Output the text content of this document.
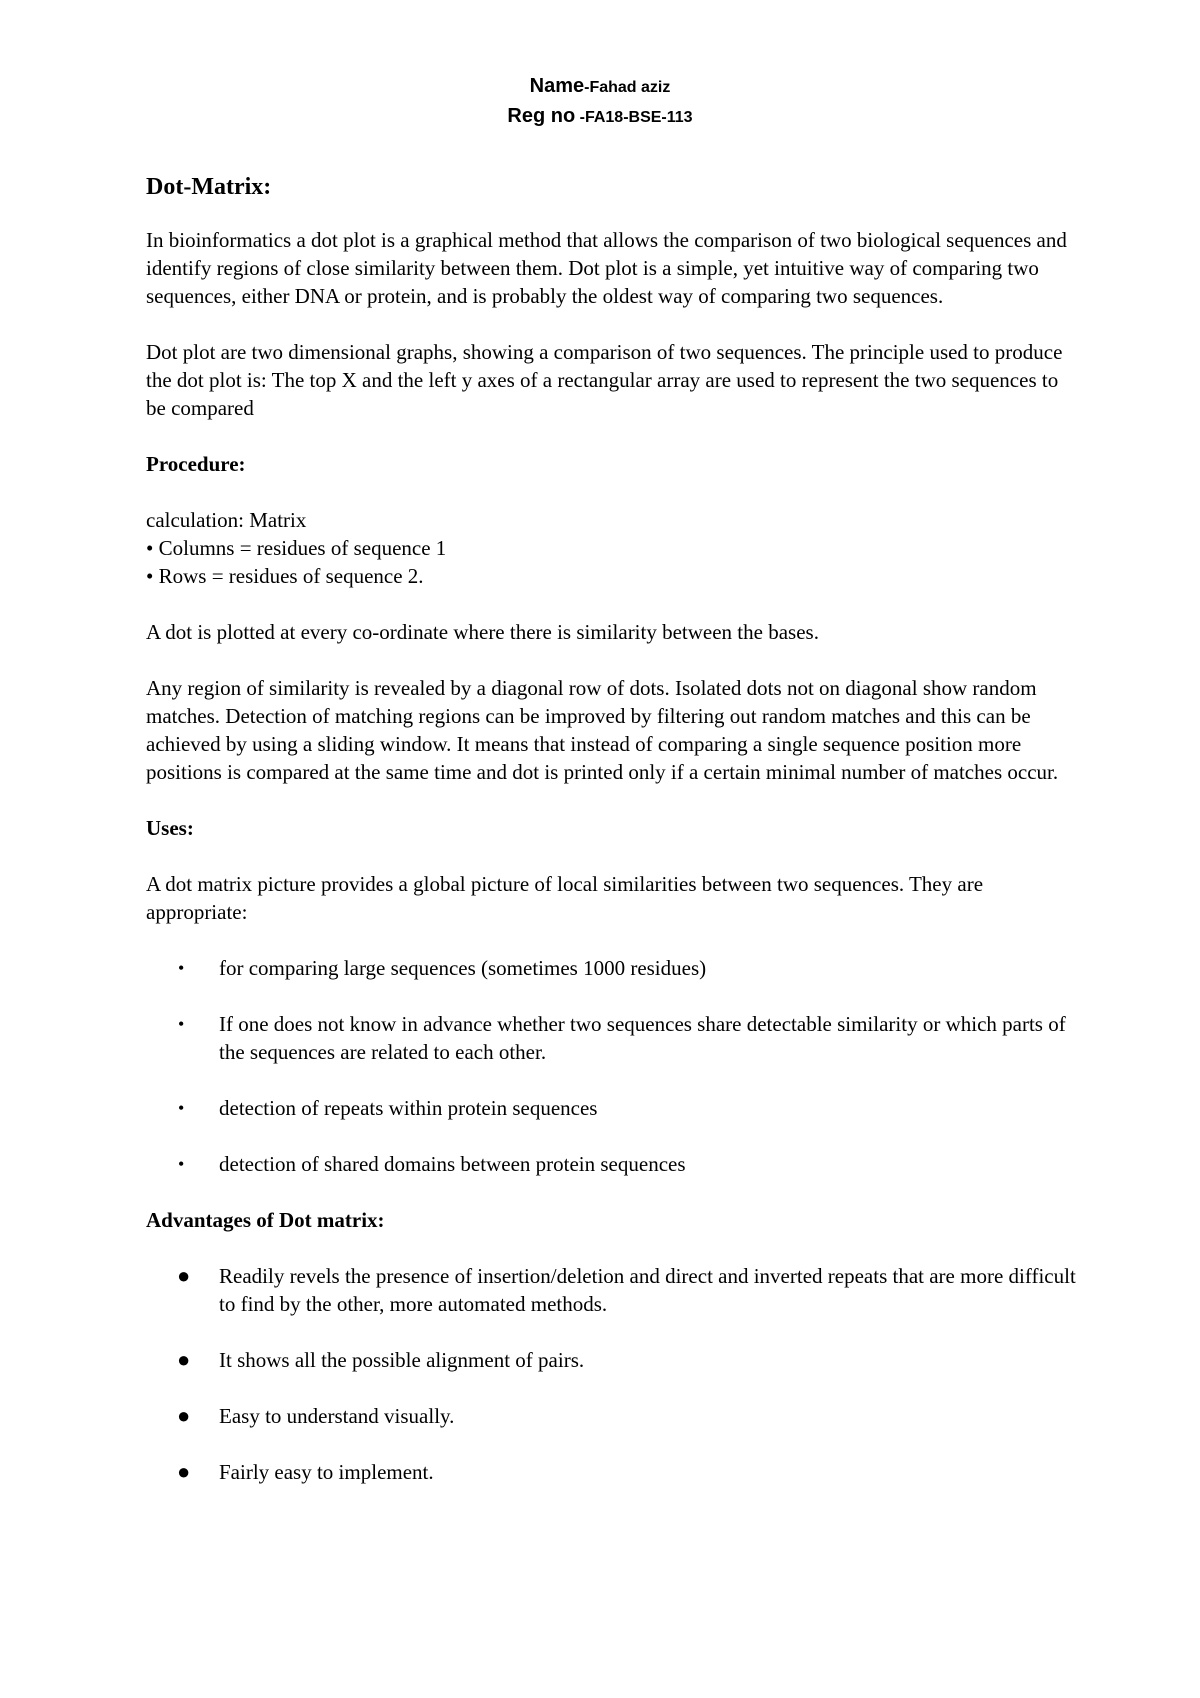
Name-Fahad aziz
Reg no -FA18-BSE-113
Dot-Matrix:

In bioinformatics a dot plot is a graphical method that allows the comparison of two biological sequences and identify regions of close similarity between them. Dot plot is a simple, yet intuitive way of comparing two sequences, either DNA or protein, and is probably the oldest way of comparing two sequences.

Dot plot are two dimensional graphs, showing a comparison of two sequences. The principle used to produce the dot plot is: The top X and the left y axes of a rectangular array are used to represent the two sequences to be compared

Procedure:
calculation: Matrix
• Columns = residues of sequence 1
• Rows = residues of sequence 2.

A dot is plotted at every co-ordinate where there is similarity between the bases.

Any region of similarity is revealed by a diagonal row of dots. Isolated dots not on diagonal show random matches. Detection of matching regions can be improved by filtering out random matches and this can be achieved by using a sliding window. It means that instead of comparing a single sequence position more positions is compared at the same time and dot is printed only if a certain minimal number of matches occur.

Uses:

A dot matrix picture provides a global picture of local similarities between two sequences. They are appropriate:

• for comparing large sequences (sometimes 1000 residues)
• If one does not know in advance whether two sequences share detectable similarity or which parts of the sequences are related to each other.
• detection of repeats within protein sequences
• detection of shared domains between protein sequences
Advantages of Dot matrix:
● Readily revels the presence of insertion/deletion and direct and inverted repeats that are more difficult to find by the other, more automated methods.
● It shows all the possible alignment of pairs.
● Easy to understand visually.
● Fairly easy to implement.
